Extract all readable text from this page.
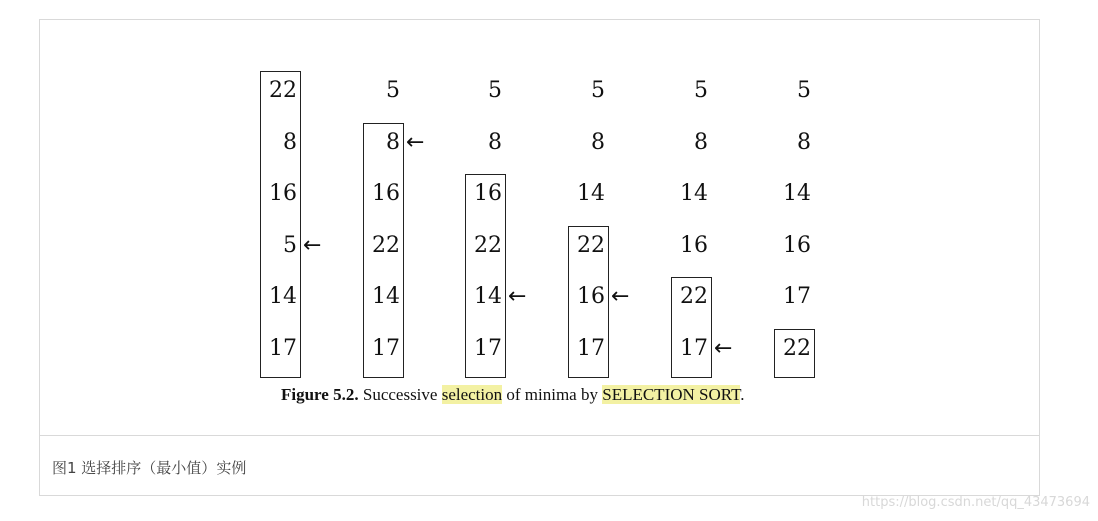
22
8
16
5
14
17
←
5
8
16
22
14
17
←
5
8
16
22
14
17
←
5
8
14
22
16
17
←
5
8
14
16
22
17 ←
5
8
14
16
17
22
Figure 5.2. Successive selection of minima by SELECTION SORT.
图1 选择排序（最小值）实例
https://blog.csdn.net/qq_43473694
